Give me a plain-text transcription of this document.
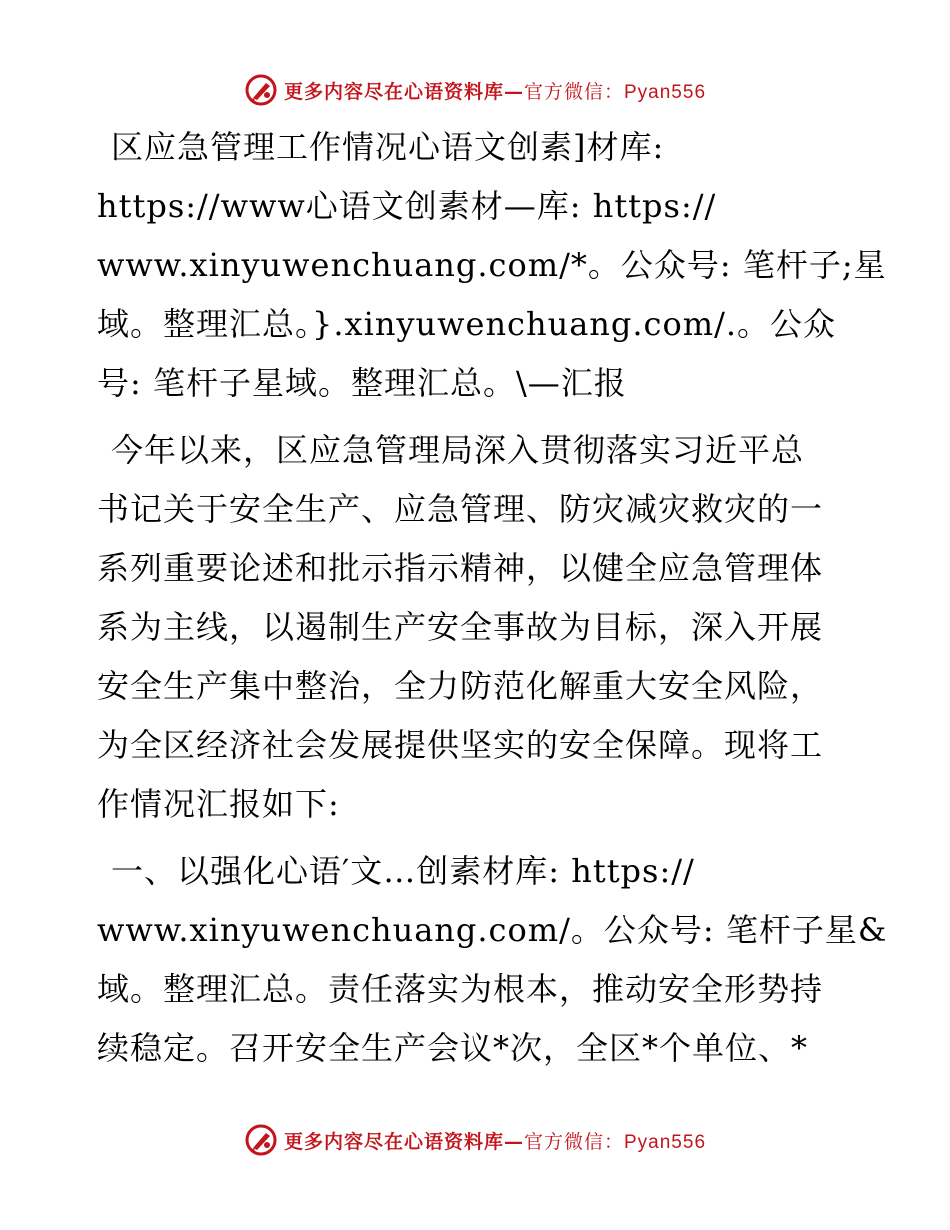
更多内容尽在心语资料库—官方微信：Pyan556
区应急管理工作情况心语文创素]材库:
https://www心语文创素材—库: https://
www.xinyuwenchuang.com/*。公众号: 笔杆子;星
域。整理汇总。}.xinyuwenchuang.com/.。公众
号: 笔杆子星域。整理汇总。\—汇报
今年以来，区应急管理局深入贯彻落实习近平总
书记关于安全生产、应急管理、防灾减灾救灾的一
系列重要论述和批示指示精神，以健全应急管理体
系为主线，以遏制生产安全事故为目标，深入开展
安全生产集中整治，全力防范化解重大安全风险，
为全区经济社会发展提供坚实的安全保障。现将工
作情况汇报如下:
一、以强化心语′文…创素材库: https://
www.xinyuwenchuang.com/。公众号: 笔杆子星&
域。整理汇总。责任落实为根本，推动安全形势持
续稳定。召开安全生产会议*次，全区*个单位、*
更多内容尽在心语资料库—官方微信：Pyan556
